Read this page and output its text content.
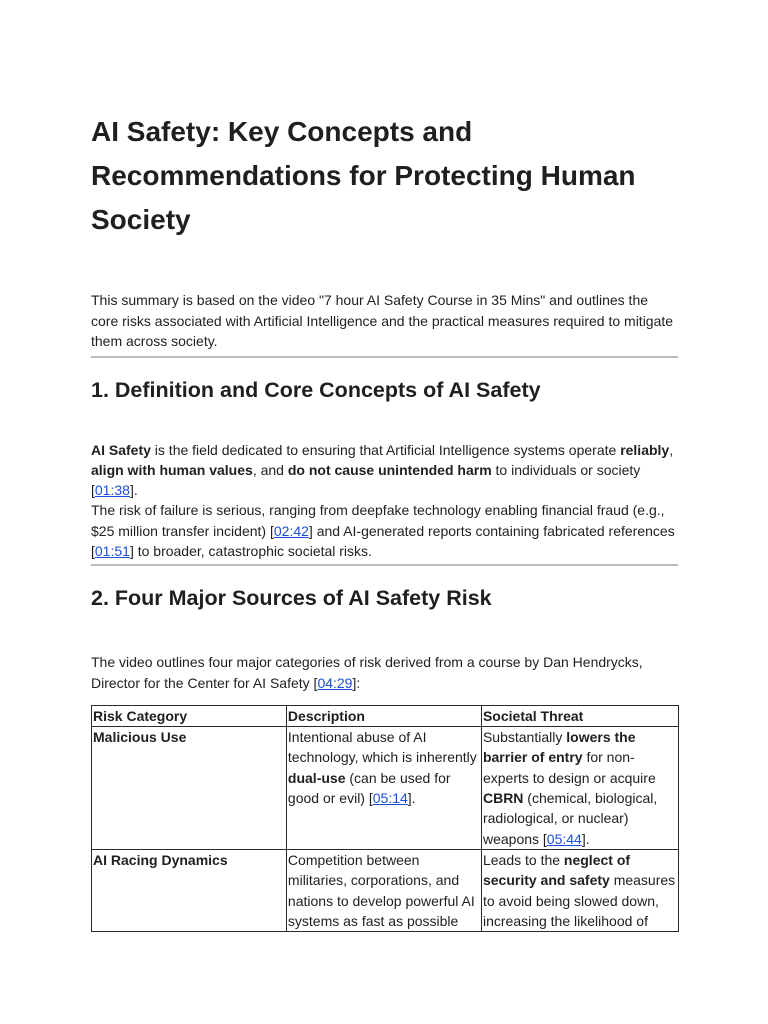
AI Safety: Key Concepts and Recommendations for Protecting Human Society

This summary is based on the video "7 hour AI Safety Course in 35 Mins" and outlines the core risks associated with Artificial Intelligence and the practical measures required to mitigate them across society.

1. Definition and Core Concepts of AI Safety

AI Safety is the field dedicated to ensuring that Artificial Intelligence systems operate reliably, align with human values, and do not cause unintended harm to individuals or society [01:38].

The risk of failure is serious, ranging from deepfake technology enabling financial fraud (e.g., $25 million transfer incident) [02:42] and AI-generated reports containing fabricated references [01:51] to broader, catastrophic societal risks.

2. Four Major Sources of AI Safety Risk

The video outlines four major categories of risk derived from a course by Dan Hendrycks, Director for the Center for AI Safety [04:29]:

Risk Category	Description	Societal Threat
Malicious Use	Intentional abuse of AI technology, which is inherently dual-use (can be used for good or evil) [05:14].	Substantially lowers the barrier of entry for non-experts to design or acquire CBRN (chemical, biological, radiological, or nuclear) weapons [05:44].

AI Racing Dynamics	Competition between militaries, corporations, and nations to develop powerful AI systems as fast as possible	Leads to the neglect of security and safety measures to avoid being slowed down, increasing the likelihood of
